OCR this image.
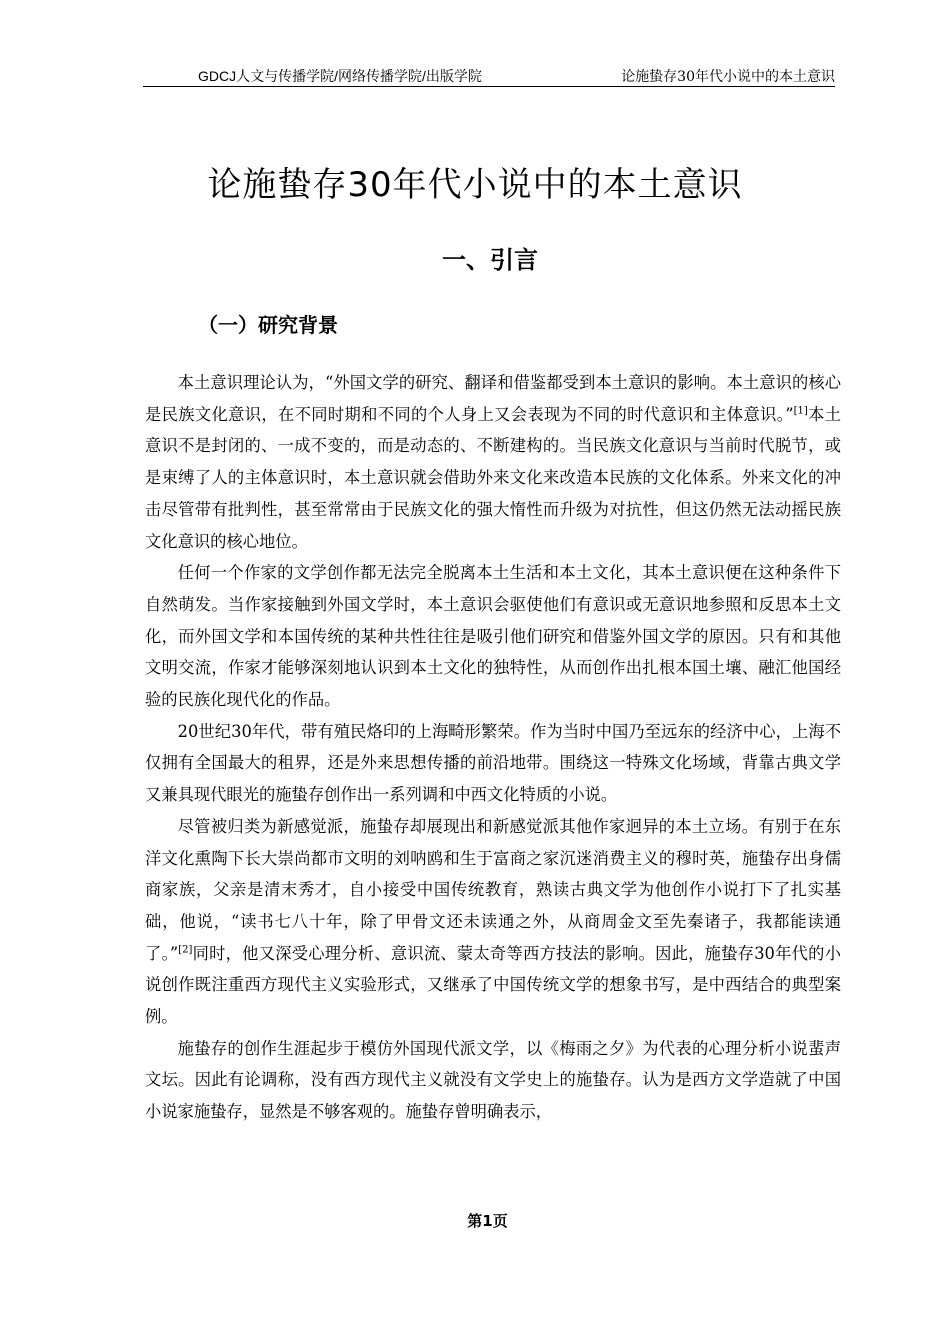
GDCJ人文与传播学院/网络传播学院/出版学院	论施蛰存30年代小说中的本土意识
论施蛰存30年代小说中的本土意识
一、引言
（一）研究背景

本土意识理论认为，“外国文学的研究、翻译和借鉴都受到本土意识的影响。本土意识的核心是民族文化意识，在不同时期和不同的个人身上又会表现为不同的时代意识和主体意识。”[1]本土意识不是封闭的、一成不变的，而是动态的、不断建构的。当民族文化意识与当前时代脱节，或是束缚了人的主体意识时，本土意识就会借助外来文化来改造本民族的文化体系。外来文化的冲击尽管带有批判性，甚至常常由于民族文化的强大惰性而升级为对抗性，但这仍然无法动摇民族文化意识的核心地位。

任何一个作家的文学创作都无法完全脱离本土生活和本土文化，其本土意识便在这种条件下自然萌发。当作家接触到外国文学时，本土意识会驱使他们有意识或无意识地参照和反思本土文化，而外国文学和本国传统的某种共性往往是吸引他们研究和借鉴外国文学的原因。只有和其他文明交流，作家才能够深刻地认识到本土文化的独特性，从而创作出扎根本国土壤、融汇他国经验的民族化现代化的作品。

20世纪30年代，带有殖民烙印的上海畸形繁荣。作为当时中国乃至远东的经济中心，上海不仅拥有全国最大的租界，还是外来思想传播的前沿地带。围绕这一特殊文化场域，背靠古典文学又兼具现代眼光的施蛰存创作出一系列调和中西文化特质的小说。

尽管被归类为新感觉派，施蛰存却展现出和新感觉派其他作家迥异的本土立场。有别于在东洋文化熏陶下长大崇尚都市文明的刘呐鸥和生于富商之家沉迷消费主义的穆时英，施蛰存出身儒商家族，父亲是清末秀才，自小接受中国传统教育，熟读古典文学为他创作小说打下了扎实基础，他说，“读书七八十年，除了甲骨文还未读通之外，从商周金文至先秦诸子，我都能读通了。”[2]同时，他又深受心理分析、意识流、蒙太奇等西方技法的影响。因此，施蛰存30年代的小说创作既注重西方现代主义实验形式，又继承了中国传统文学的想象书写，是中西结合的典型案例。

施蛰存的创作生涯起步于模仿外国现代派文学，以《梅雨之夕》为代表的心理分析小说蜚声文坛。因此有论调称，没有西方现代主义就没有文学史上的施蛰存。认为是西方文学造就了中国小说家施蛰存，显然是不够客观的。施蛰存曾明确表示，

第1页
